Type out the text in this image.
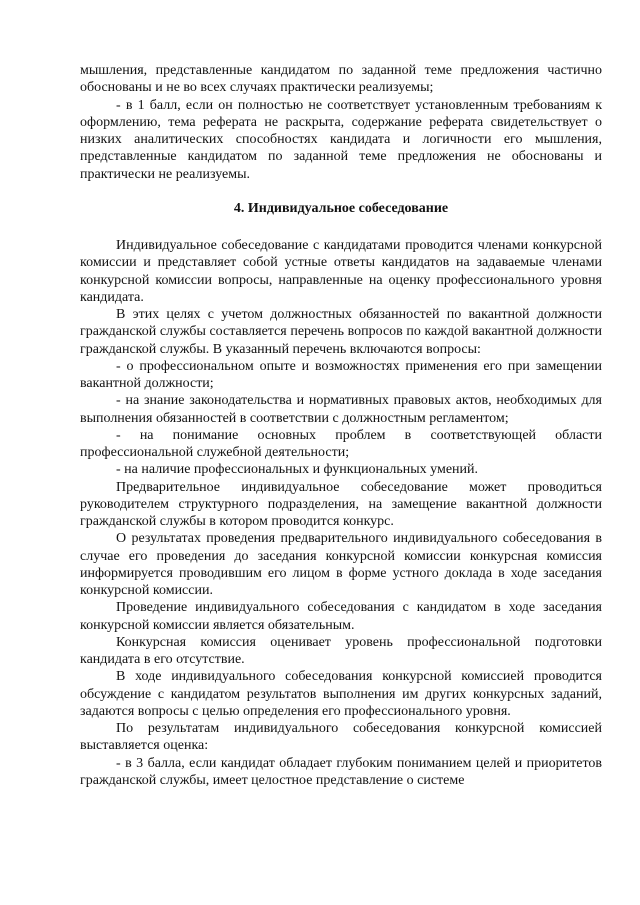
мышления, представленные кандидатом по заданной теме предложения частично обоснованы и не во всех случаях практически реализуемы;

- в 1 балл, если он полностью не соответствует установленным требованиям к оформлению, тема реферата не раскрыта, содержание реферата свидетельствует о низких аналитических способностях кандидата и логичности его мышления, представленные кандидатом по заданной теме предложения не обоснованы и практически не реализуемы.

4. Индивидуальное собеседование

Индивидуальное собеседование с кандидатами проводится членами конкурсной комиссии и представляет собой устные ответы кандидатов на задаваемые членами конкурсной комиссии вопросы, направленные на оценку профессионального уровня кандидата.

В этих целях с учетом должностных обязанностей по вакантной должности гражданской службы составляется перечень вопросов по каждой вакантной должности гражданской службы. В указанный перечень включаются вопросы:

- о профессиональном опыте и возможностях применения его при замещении вакантной должности;

- на знание законодательства и нормативных правовых актов, необходимых для выполнения обязанностей в соответствии с должностным регламентом;

- на понимание основных проблем в соответствующей области профессиональной служебной деятельности;

- на наличие профессиональных и функциональных умений.

Предварительное индивидуальное собеседование может проводиться руководителем структурного подразделения, на замещение вакантной должности гражданской службы в котором проводится конкурс.

О результатах проведения предварительного индивидуального собеседования в случае его проведения до заседания конкурсной комиссии конкурсная комиссия информируется проводившим его лицом в форме устного доклада в ходе заседания конкурсной комиссии.

Проведение индивидуального собеседования с кандидатом в ходе заседания конкурсной комиссии является обязательным.

Конкурсная комиссия оценивает уровень профессиональной подготовки кандидата в его отсутствие.

В ходе индивидуального собеседования конкурсной комиссией проводится обсуждение с кандидатом результатов выполнения им других конкурсных заданий, задаются вопросы с целью определения его профессионального уровня.

По результатам индивидуального собеседования конкурсной комиссией выставляется оценка:

- в 3 балла, если кандидат обладает глубоким пониманием целей и приоритетов гражданской службы, имеет целостное представление о системе
